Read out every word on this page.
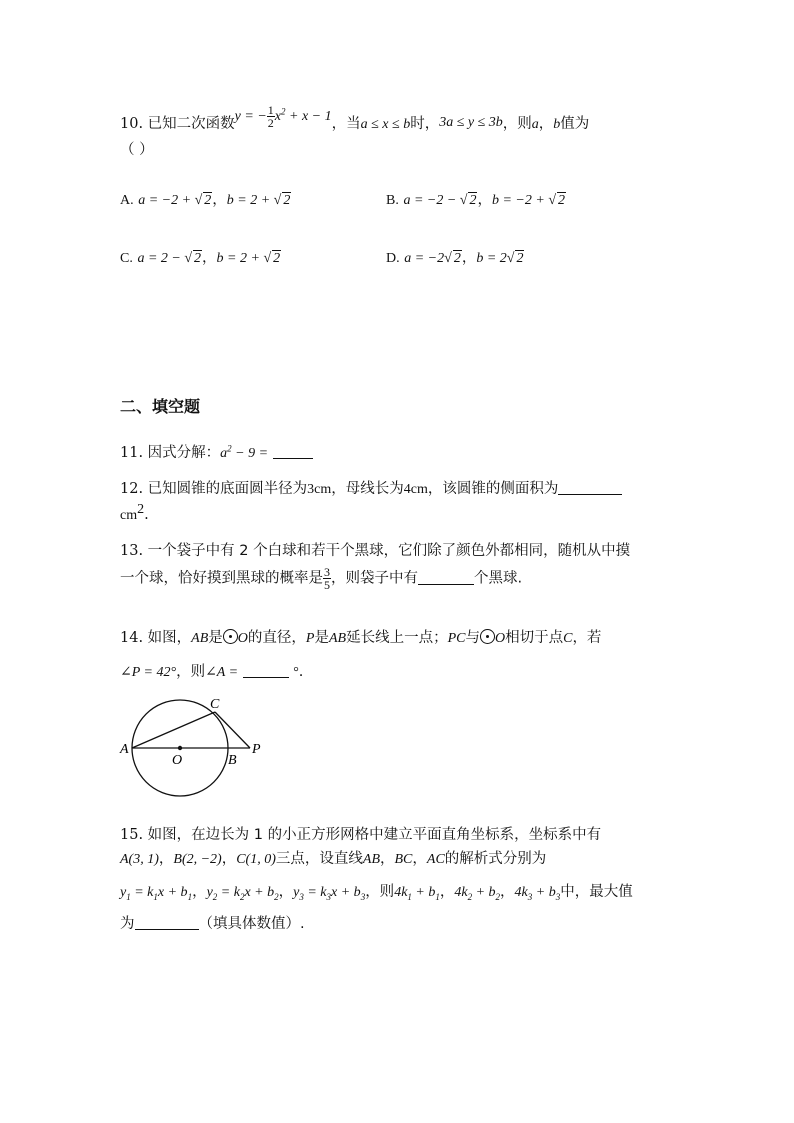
10. 已知二次函数y = − $\frac{1}{2} x^2 + x - 1$，当a ≤ x ≤ b时，3a ≤ y ≤ 3b，则a，b值为
（ ）
A. a = −2 + √ 2，b = 2 + √ 2	B. a = −2 − √ 2，b = −2 + √ 2
C. a = 2 − √ 2，b = 2 + √ 2	D. a = −2√ 2，b = 2√ 2
二、填空题
11. 因式分解：$a^2 - 9$ =
12. 已知圆锥的底面圆半径为3cm，母线长为4cm，该圆锥的侧面积为
$cm^2$.
13. 一个袋子中有 2 个白球和若干个黑球，它们除了颜色外都相同，随机从中摸
一个球，恰好摸到黑球的概率是 $\frac{3}{5}$ ，则袋子中有	个黑球.
14. 如图，AB是 O的直径，P是AB延长线上一点；PC与 O相切于点C，若
∠P = 42°，则∠A =	°．
A
O	B
C
P
15. 如图，在边长为 1 的小正方形网格中建立平面直角坐标系，坐标系中有
A(3, 1)，B(2, −2)，C(1, 0)三点，设直线AB，BC，AC的解析式分别为
$y_1 = k_1x + b_1$，$y_2 = k_2x + b_2$，$y_3 = k_3x + b_3$，则$4k_1 + b_1$，$4k_2 + b_2$，$4k_3 + b_3$中，最大值
为	（填具体数值）.
